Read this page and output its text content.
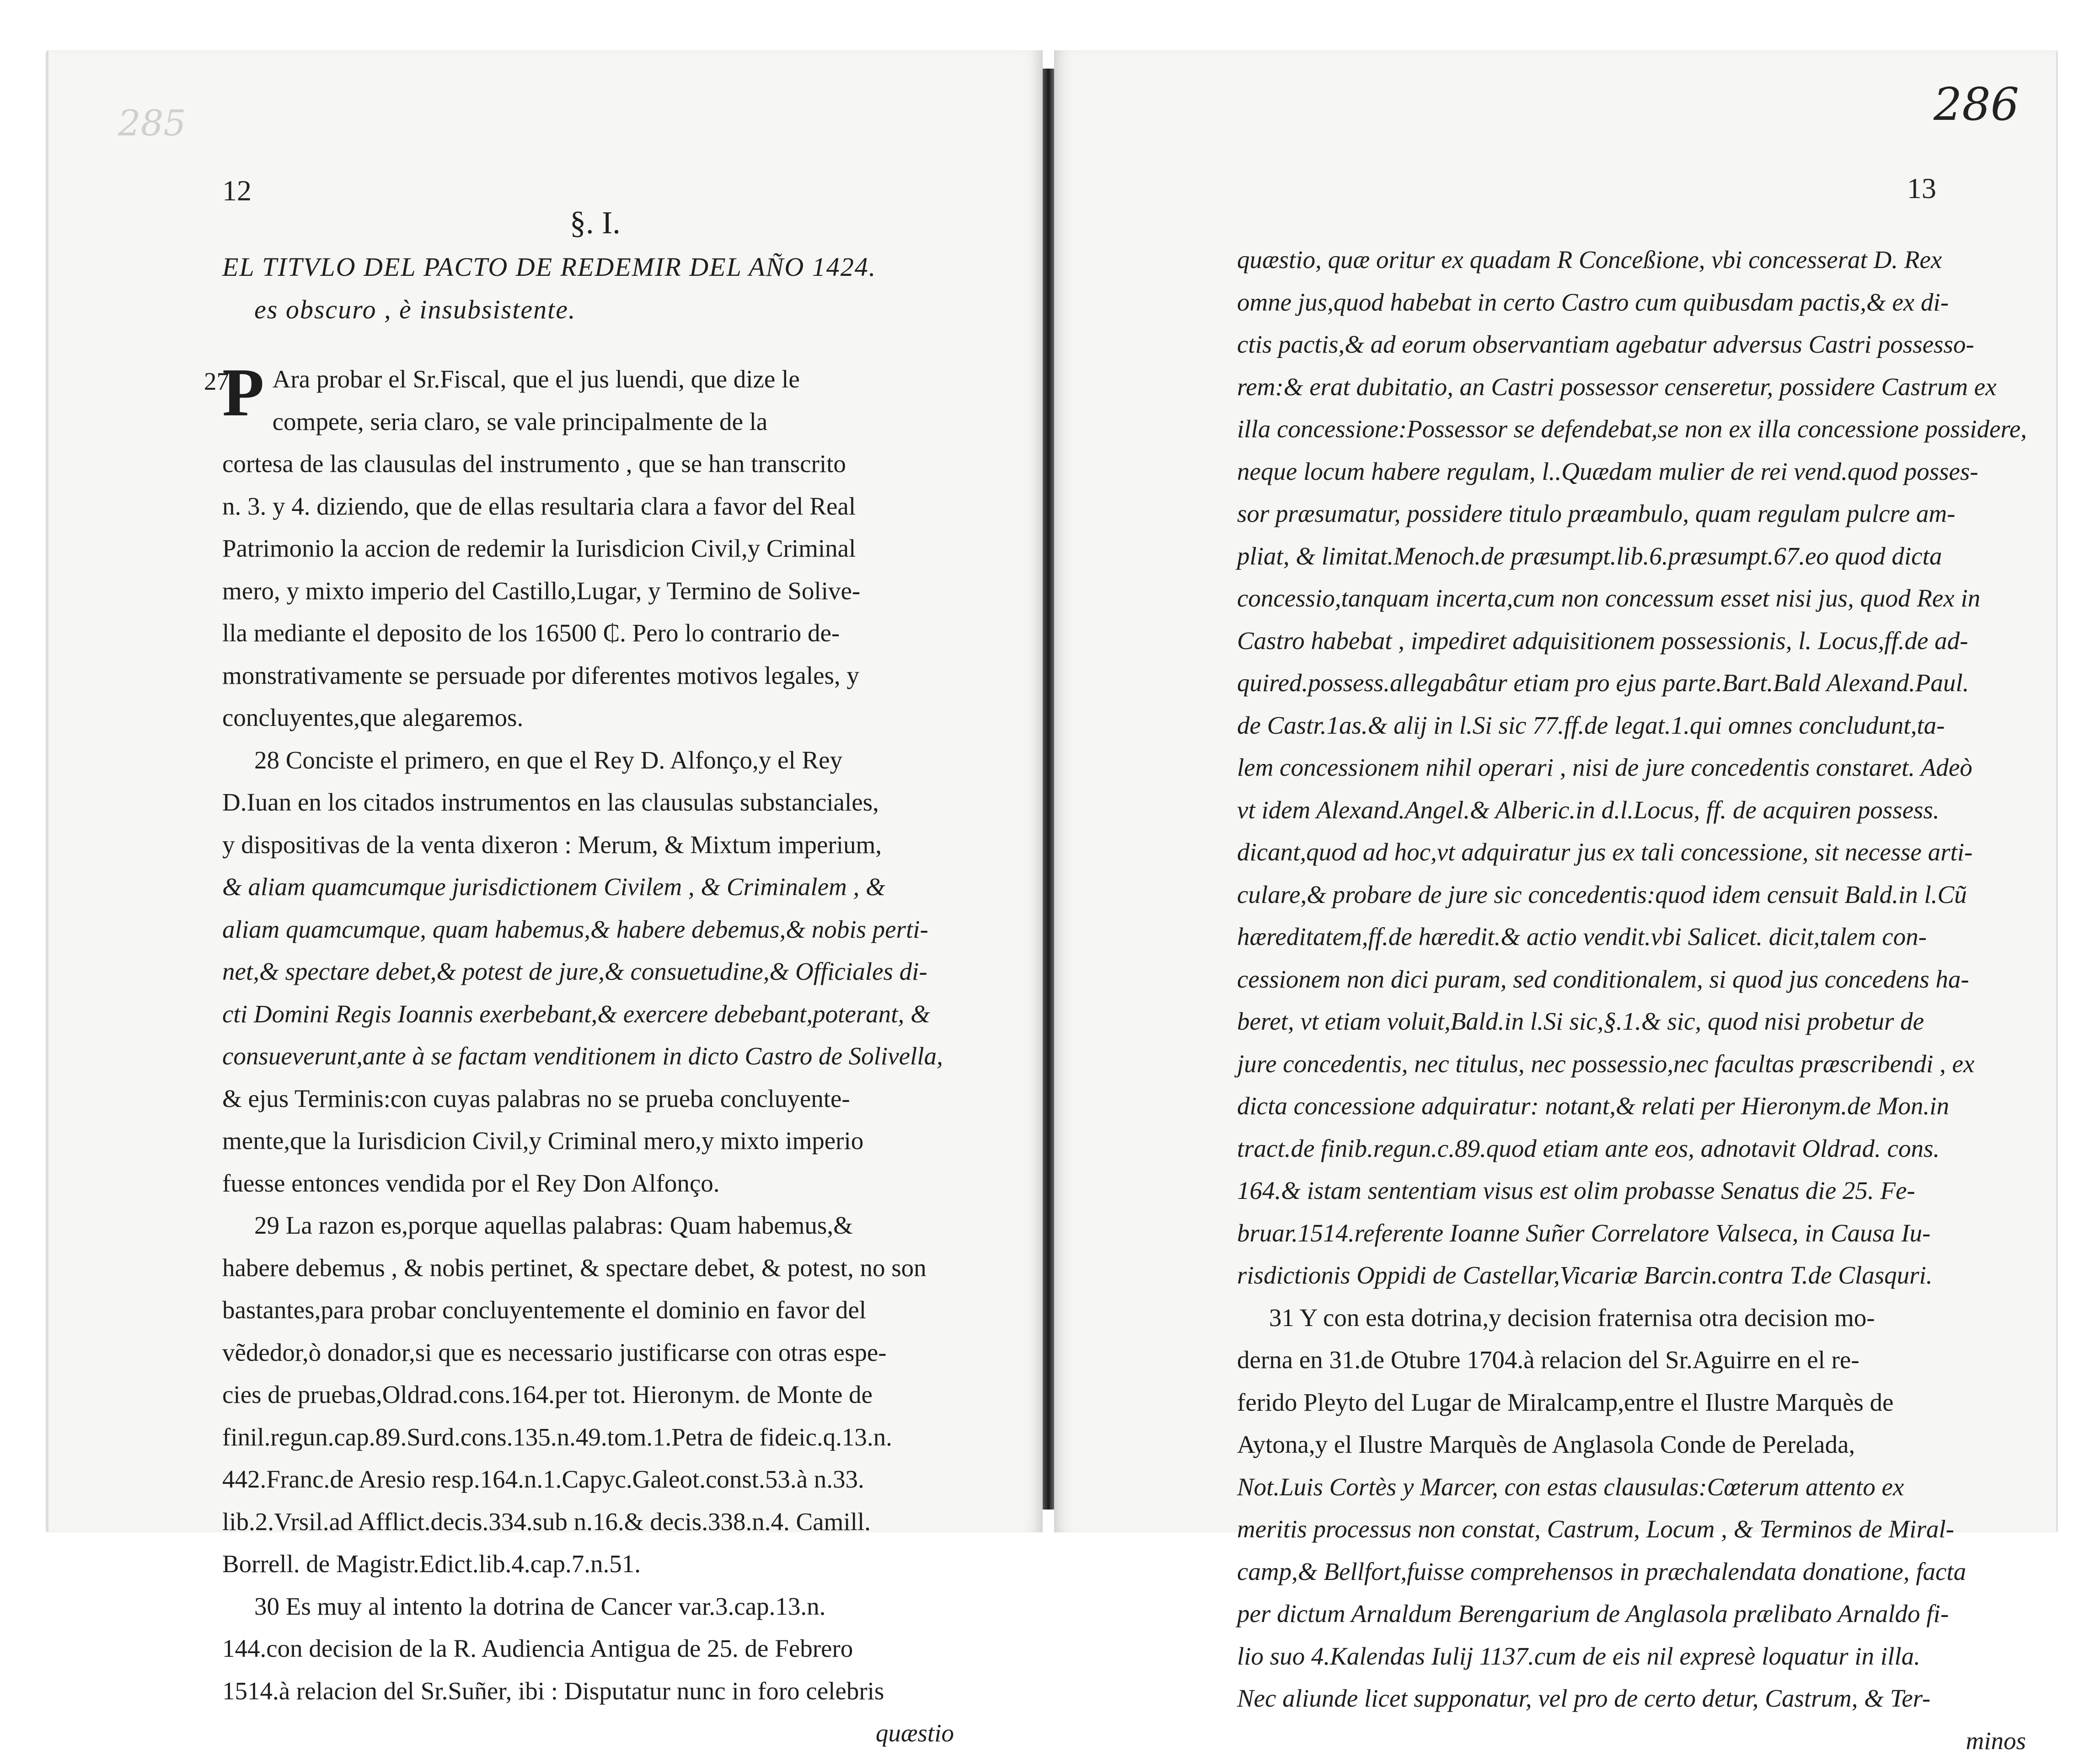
12
§. I.
EL TITVLO DEL PACTO DE REDEMIR DEL AÑO 1424.
es obscuro , è insubsistente.
27
P Ara probar el Sr.Fiscal, que el jus luendi, que dize le
compete, seria claro, se vale principalmente de la
cortesa de las clausulas del instrumento , que se han transcrito
n. 3. y 4. diziendo, que de ellas resultaria clara a favor del Real
Patrimonio la accion de redemir la Iurisdicion Civil,y Criminal
mero, y mixto imperio del Castillo,Lugar, y Termino de Solive-
lla mediante el deposito de los 16500 ₵. Pero lo contrario de-
monstrativamente se persuade por diferentes motivos legales, y
concluyentes,que alegaremos.
28 Conciste el primero, en que el Rey D. Alfonço,y el Rey
D.Iuan en los citados instrumentos en las clausulas substanciales,
y dispositivas de la venta dixeron : Merum, & Mixtum imperium,
& aliam quamcumque jurisdictionem Civilem , & Criminalem , &
aliam quamcumque, quam habemus,& habere debemus,& nobis perti-
net,& spectare debet,& potest de jure,& consuetudine,& Officiales di-
cti Domini Regis Ioannis exerbebant,& exercere debebant,poterant, &
consueverunt,ante à se factam venditionem in dicto Castro de Solivella,
& ejus Terminis:con cuyas palabras no se prueba concluyente-
mente,que la Iurisdicion Civil,y Criminal mero,y mixto imperio
fuesse entonces vendida por el Rey Don Alfonço.
29 La razon es,porque aquellas palabras: Quam habemus,&
habere debemus , & nobis pertinet, & spectare debet, & potest, no son
bastantes,para probar concluyentemente el dominio en favor del
vẽdedor,ò donador,si que es necessario justificarse con otras espe-
cies de pruebas,Oldrad.cons.164.per tot. Hieronym. de Monte de
finil.regun.cap.89.Surd.cons.135.n.49.tom.1.Petra de fideic.q.13.n.
442.Franc.de Aresio resp.164.n.1.Capyc.Galeot.const.53.à n.33.
lib.2.Vrsil.ad Afflict.decis.334.sub n.16.& decis.338.n.4. Camill.
Borrell. de Magistr.Edict.lib.4.cap.7.n.51.
30 Es muy al intento la dotrina de Cancer var.3.cap.13.n.
144.con decision de la R. Audiencia Antigua de 25. de Febrero
1514.à relacion del Sr.Suñer, ibi : Disputatur nunc in foro celebris
quæstio
13
quæstio, quæ oritur ex quadam R Conceßione, vbi concesserat D. Rex
omne jus,quod habebat in certo Castro cum quibusdam pactis,& ex di-
ctis pactis,& ad eorum observantiam agebatur adversus Castri possesso-
rem:& erat dubitatio, an Castri possessor censeretur, possidere Castrum ex
illa concessione:Possessor se defendebat,se non ex illa concessione possidere,
neque locum habere regulam, l..Quædam mulier de rei vend.quod posses-
sor præsumatur, possidere titulo præambulo, quam regulam pulcre am-
pliat, & limitat.Menoch.de præsumpt.lib.6.præsumpt.67.eo quod dicta
concessio,tanquam incerta,cum non concessum esset nisi jus, quod Rex in
Castro habebat , impediret adquisitionem possessionis, l. Locus,ff.de ad-
quired.possess.allegabâtur etiam pro ejus parte.Bart.Bald Alexand.Paul.
de Castr.1as.& alij in l.Si sic 77.ff.de legat.1.qui omnes concludunt,ta-
lem concessionem nihil operari , nisi de jure concedentis constaret. Adeò
vt idem Alexand.Angel.& Alberic.in d.l.Locus, ff. de acquiren possess.
dicant,quod ad hoc,vt adquiratur jus ex tali concessione, sit necesse arti-
culare,& probare de jure sic concedentis:quod idem censuit Bald.in l.Cũ
hæreditatem,ff.de hæredit.& actio vendit.vbi Salicet. dicit,talem con-
cessionem non dici puram, sed conditionalem, si quod jus concedens ha-
beret, vt etiam voluit,Bald.in l.Si sic,§.1.& sic, quod nisi probetur de
jure concedentis, nec titulus, nec possessio,nec facultas præscribendi , ex
dicta concessione adquiratur: notant,& relati per Hieronym.de Mon.in
tract.de finib.regun.c.89.quod etiam ante eos, adnotavit Oldrad. cons.
164.& istam sententiam visus est olim probasse Senatus die 25. Fe-
bruar.1514.referente Ioanne Suñer Correlatore Valseca, in Causa Iu-
risdictionis Oppidi de Castellar,Vicariæ Barcin.contra T.de Clasquri.
31 Y con esta dotrina,y decision fraternisa otra decision mo-
derna en 31.de Otubre 1704.à relacion del Sr.Aguirre en el re-
ferido Pleyto del Lugar de Miralcamp,entre el Ilustre Marquès de
Aytona,y el Ilustre Marquès de Anglasola Conde de Perelada,
Not.Luis Cortès y Marcer, con estas clausulas:Cœterum attento ex
meritis processus non constat, Castrum, Locum , & Terminos de Miral-
camp,& Bellfort,fuisse comprehensos in præchalendata donatione, facta
per dictum Arnaldum Berengarium de Anglasola prælibato Arnaldo fi-
lio suo 4.Kalendas Iulij 1137.cum de eis nil expresè loquatur in illa.
Nec aliunde licet supponatur, vel pro de certo detur, Castrum, & Ter-
minos
285	286
